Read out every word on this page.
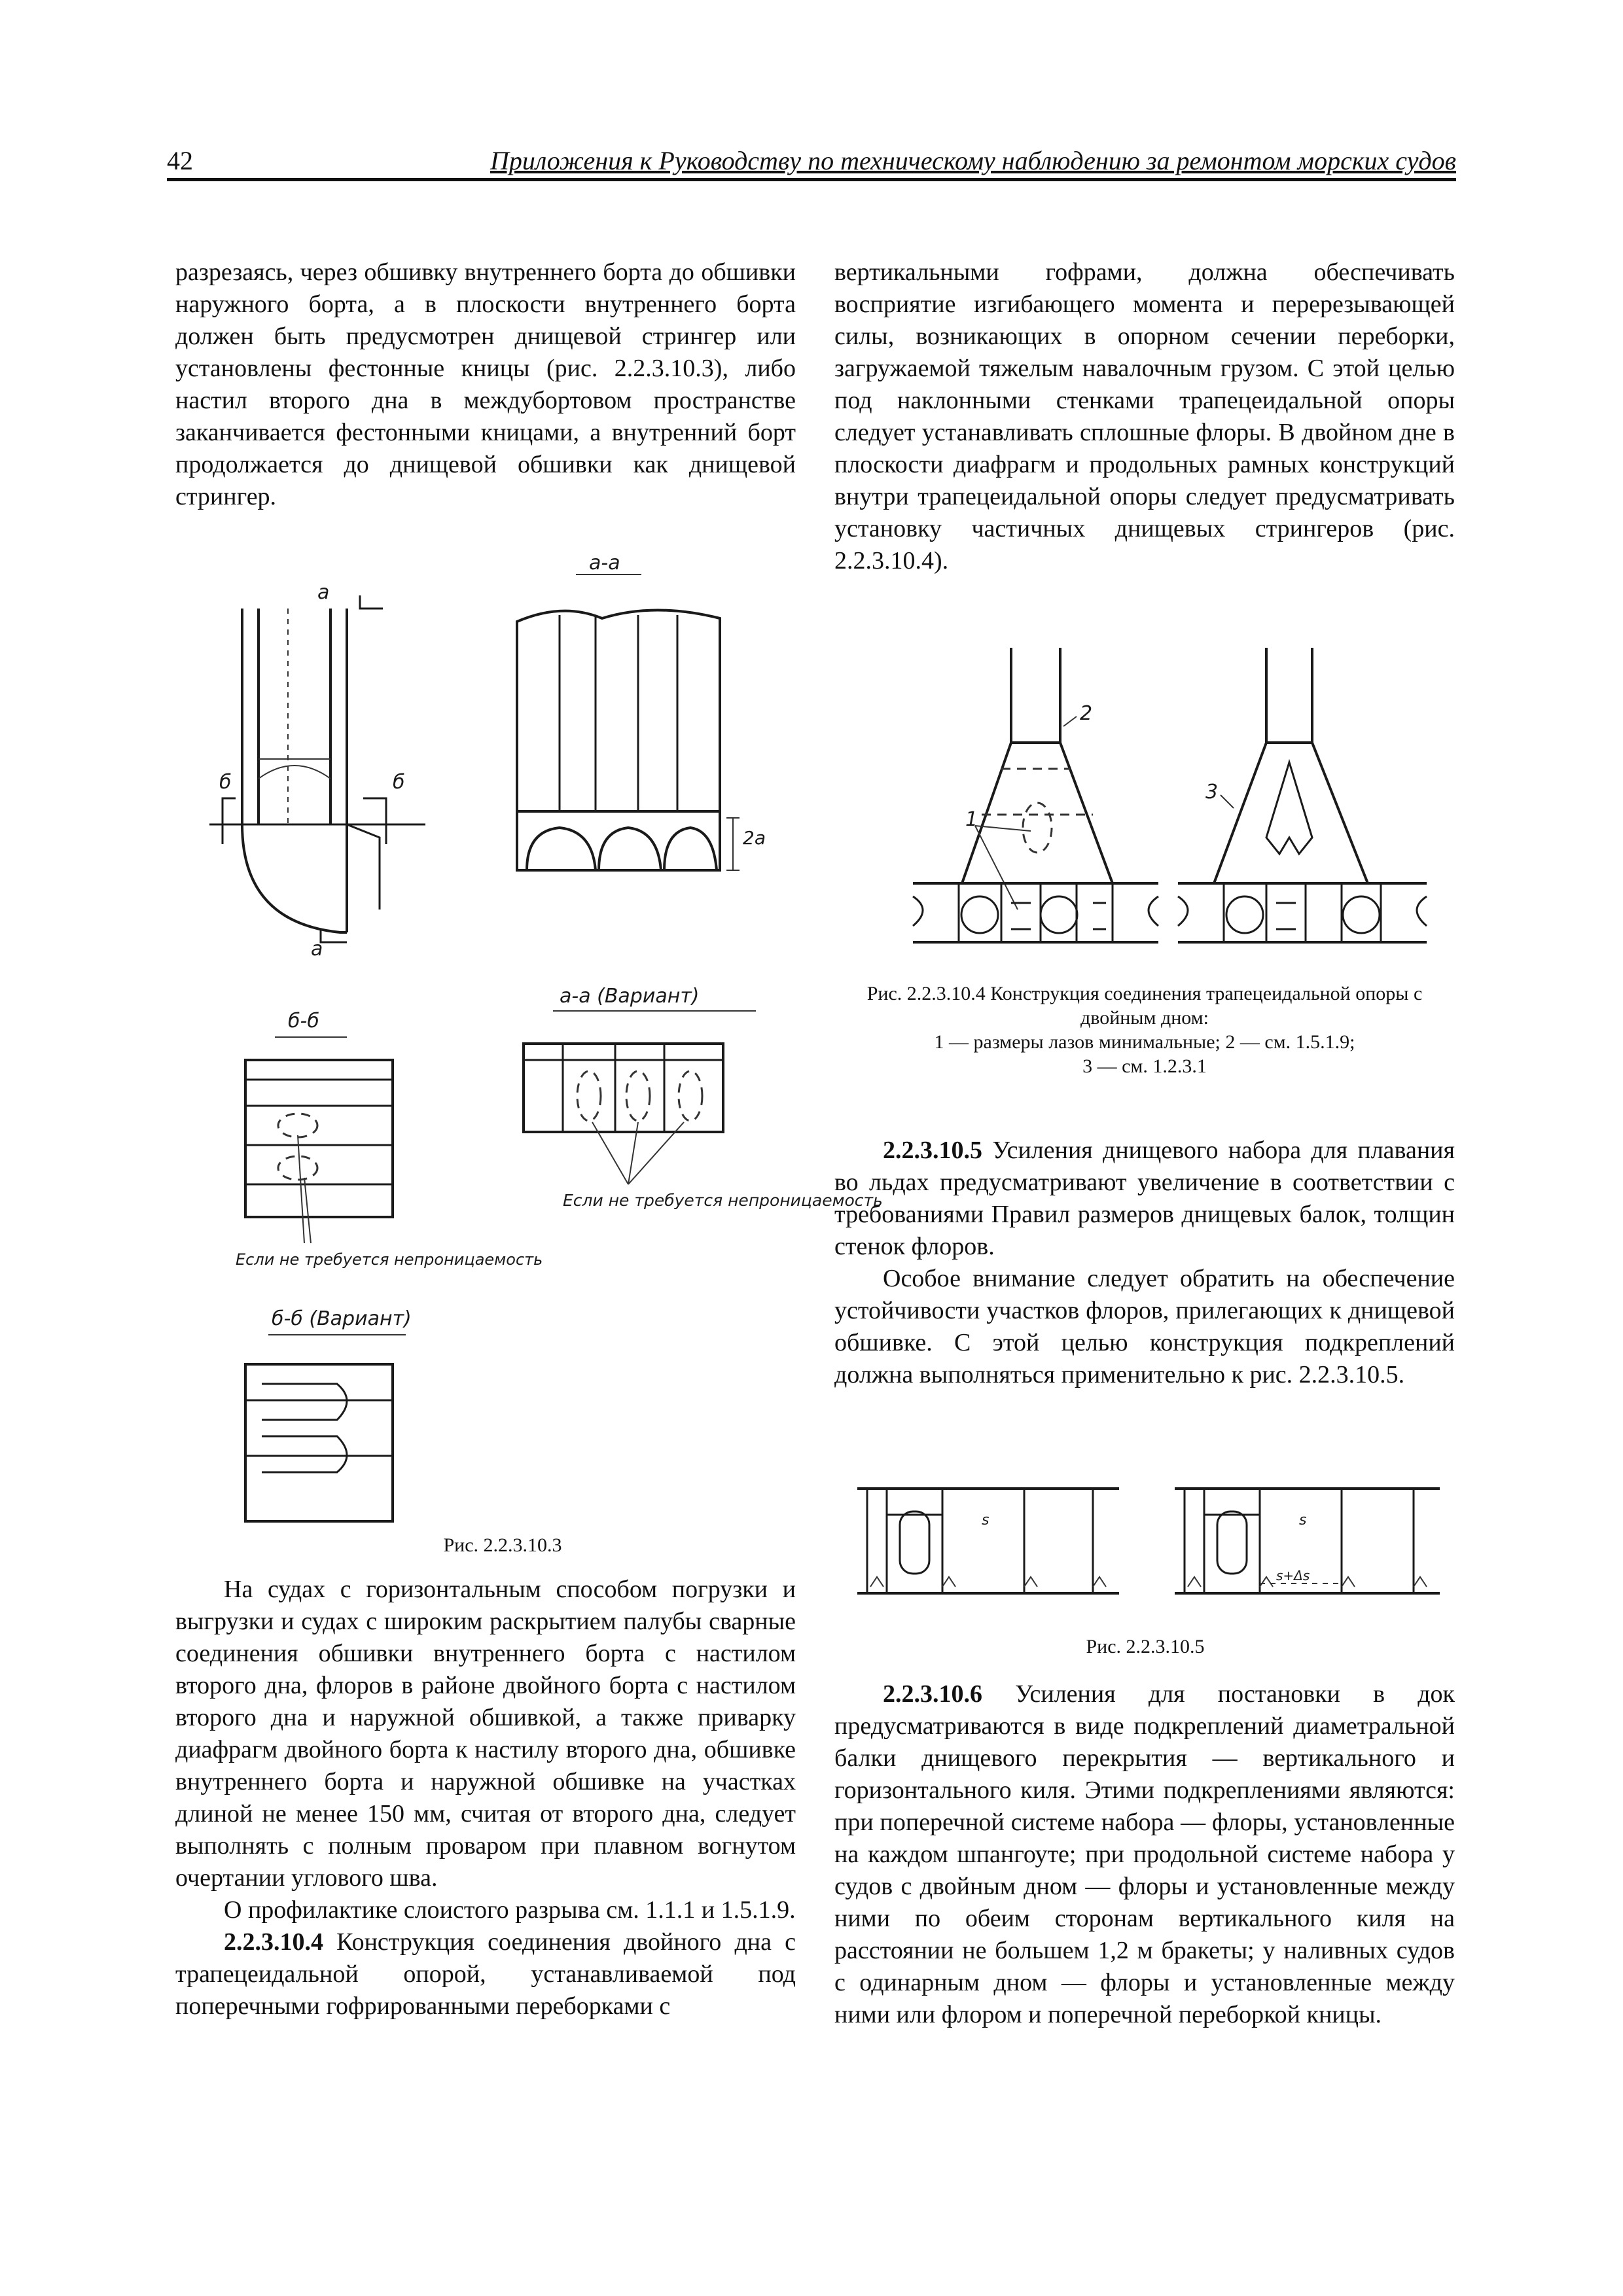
42	Приложения к Руководству по техническому наблюдению за ремонтом морских судов

разрезаясь, через обшивку внутреннего борта до обшивки наружного борта, а в плоскости внутреннего борта должен быть предусмотрен днищевой стрингер или установлены фестонные кницы (рис. 2.2.3.10.3), либо настил второго дна в междубортовом пространстве заканчивается фестонными кницами, а внутренний борт продолжается до днищевой обшивки как днищевой стрингер.

а
а
б	б
а-а
2а
а-а (Вариант)
Если не требуется непроницаемость
б-б
Если не требуется непроницаемость
б-б (Вариант)
Рис. 2.2.3.10.3

На судах с горизонтальным способом погрузки и выгрузки и судах с широким раскрытием палубы сварные соединения обшивки внутреннего борта с настилом второго дна, флоров в районе двойного борта с настилом второго дна и наружной обшивкой, а также приварку диафрагм двойного борта к настилу второго дна, обшивке внутреннего борта и наружной обшивке на участках длиной не менее 150 мм, считая от второго дна, следует выполнять с полным проваром при плавном вогнутом очертании углового шва.

О профилактике слоистого разрыва см. 1.1.1 и 1.5.1.9.

2.2.3.10.4 Конструкция соединения двойного дна с трапецеидальной опорой, устанавливаемой под поперечными гофрированными переборками с

вертикальными гофрами, должна обеспечивать восприятие изгибающего момента и перерезывающей силы, возникающих в опорном сечении переборки, загружаемой тяжелым навалочным грузом. С этой целью под наклонными стенками трапецеидальной опоры следует устанавливать сплошные флоры. В двойном дне в плоскости диафрагм и продольных рамных конструкций внутри трапецеидальной опоры следует предусматривать установку частичных днищевых стрингеров (рис. 2.2.3.10.4).

2
1
3
Рис. 2.2.3.10.4 Конструкция соединения трапецеидальной опоры с двойным дном:
1 — размеры лазов минимальные; 2 — см. 1.5.1.9;
3 — см. 1.2.3.1

2.2.3.10.5 Усиления днищевого набора для плавания во льдах предусматривают увеличение в соответствии с требованиями Правил размеров днищевых балок, толщин стенок флоров.

Особое внимание следует обратить на обеспечение устойчивости участков флоров, прилегающих к днищевой обшивке. С этой целью конструкция подкреплений должна выполняться применительно к рис. 2.2.3.10.5.

s	s
s+Δs
Рис. 2.2.3.10.5

2.2.3.10.6 Усиления для постановки в док предусматриваются в виде подкреплений диаметральной балки днищевого перекрытия — вертикального и горизонтального киля. Этими подкреплениями являются: при поперечной системе набора — флоры, установленные на каждом шпангоуте; при продольной системе набора у судов с двойным дном — флоры и установленные между ними по обеим сторонам вертикального киля на расстоянии не большем 1,2 м бракеты; у наливных судов с одинарным дном — флоры и установленные между ними или флором и поперечной переборкой кницы.
